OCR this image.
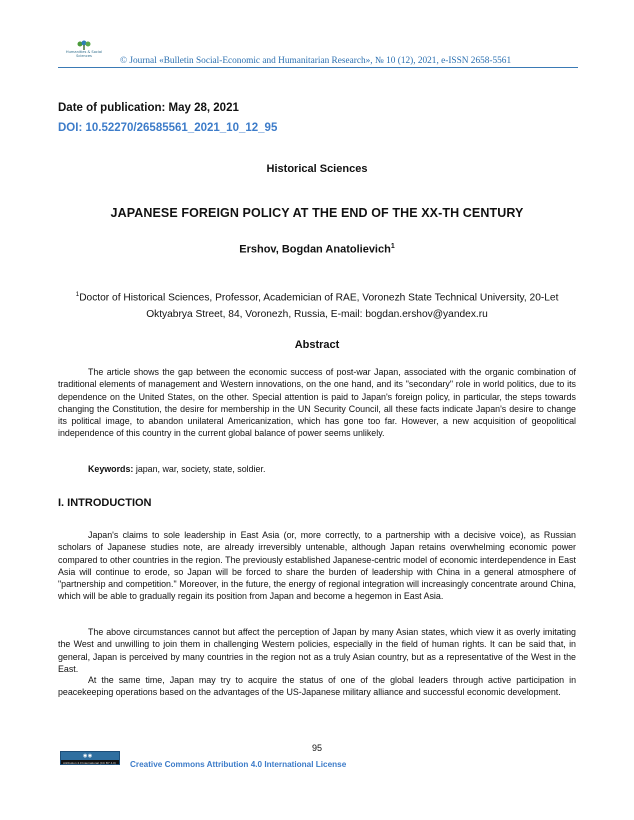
Humanities & Social Sciences	© Journal «Bulletin Social-Economic and Humanitarian Research», № 10 (12), 2021, e-ISSN 2658-5561
Date of publication: May 28, 2021
DOI: 10.52270/26585561_2021_10_12_95
Historical Sciences
JAPANESE FOREIGN POLICY AT THE END OF THE XX-TH CENTURY
Ershov, Bogdan Anatolievich$^1$
$^1$Doctor of Historical Sciences, Professor, Academician of RAE, Voronezh State Technical University, 20-Let Oktyabrya Street, 84, Voronezh, Russia, E-mail: bogdan.ershov@yandex.ru
Abstract

The article shows the gap between the economic success of post-war Japan, associated with the organic combination of traditional elements of management and Western innovations, on the one hand, and its "secondary" role in world politics, due to its dependence on the United States, on the other. Special attention is paid to Japan's foreign policy, in particular, the steps towards changing the Constitution, the desire for membership in the UN Security Council, all these facts indicate Japan's desire to change its political image, to abandon unilateral Americanization, which has gone too far. However, a new acquisition of geopolitical independence of this country in the current global balance of power seems unlikely.

Keywords: japan, war, society, state, soldier.

I. INTRODUCTION

Japan's claims to sole leadership in East Asia (or, more correctly, to a partnership with a decisive voice), as Russian scholars of Japanese studies note, are already irreversibly untenable, although Japan retains overwhelming economic power compared to other countries in the region. The previously established Japanese-centric model of economic interdependence in East Asia will continue to erode, so Japan will be forced to share the burden of leadership with China in a general atmosphere of "partnership and competition." Moreover, in the future, the energy of regional integration will increasingly concentrate around China, which will be able to gradually regain its position from Japan and become a hegemon in East Asia.

The above circumstances cannot but affect the perception of Japan by many Asian states, which view it as overly imitating the West and unwilling to join them in challenging Western policies, especially in the field of human rights. It can be said that, in general, Japan is perceived by many countries in the region not as a truly Asian country, but as a representative of the West in the East.

At the same time, Japan may try to acquire the status of one of the global leaders through active participation in peacekeeping operations based on the advantages of the US-Japanese military alliance and successful economic development.

95
◉◉
Attribution 4.0 International (CC BY 4.0) Creative Commons Attribution 4.0 International License
